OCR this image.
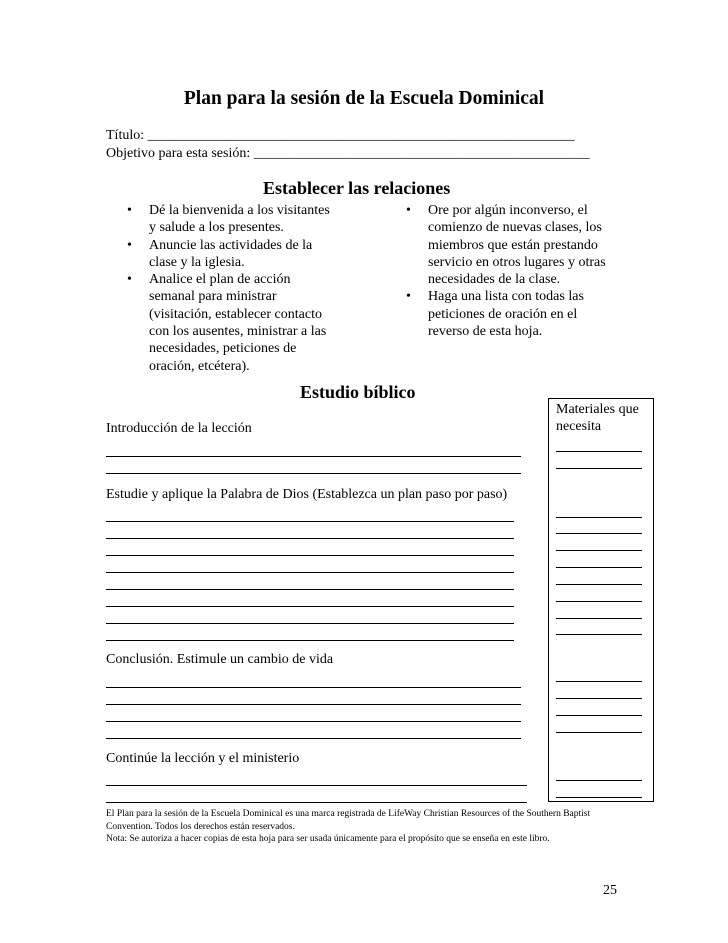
Plan para la sesión de la Escuela Dominical
Título: _____________________________________________________________
Objetivo para esta sesión: ________________________________________________
Establecer las relaciones
• Dé la bienvenida a los visitantes
y salude a los presentes.
• Anuncie las actividades de la
clase y la iglesia.
• Analice el plan de acción
semanal para ministrar
(visitación, establecer contacto
con los ausentes, ministrar a las
necesidades, peticiones de
oración, etcétera).
• Ore por algún inconverso, el
comienzo de nuevas clases, los
miembros que están prestando
servicio en otros lugares y otras
necesidades de la clase.
• Haga una lista con todas las
peticiones de oración en el
reverso de esta hoja.
Estudio bíblico
Materiales que necesita
Introducción de la lección
Estudie y aplique la Palabra de Dios (Establezca un plan paso por paso)
Conclusión. Estimule un cambio de vida
Continúe la lección y el ministerio
El Plan para la sesión de la Escuela Dominical es una marca registrada de LifeWay Christian Resources of the Southern Baptist
Convention. Todos los derechos están reservados.
Nota: Se autoriza a hacer copias de esta hoja para ser usada únicamente para el propósito que se enseña en este libro.
25
